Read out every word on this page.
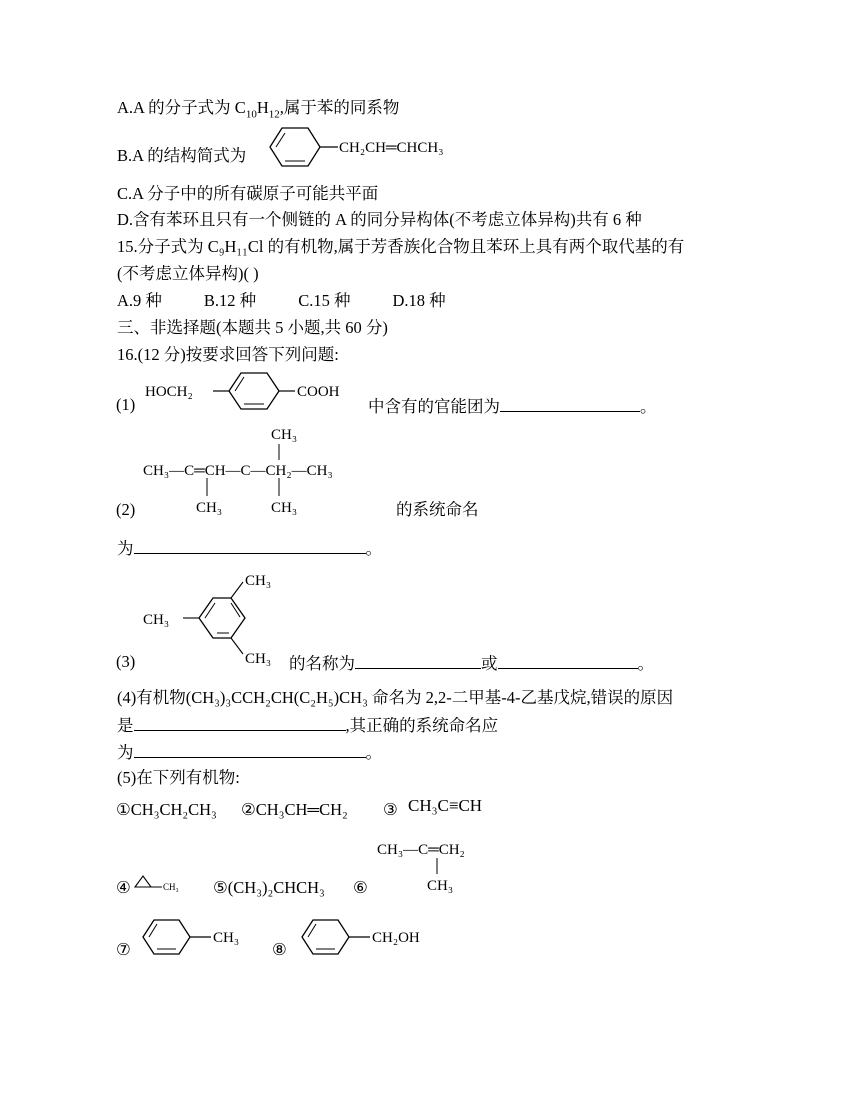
A.A 的分子式为 $C_{10}H_{12}$,属于苯的同系物
B.A 的结构简式为	CH₂CH═CHCH₃
C.A 分子中的所有碳原子可能共平面
D.含有苯环且只有一个侧链的 A 的同分异构体(不考虑立体异构)共有 6 种
15.分子式为 C₉H₁₁Cl 的有机物,属于芳香族化合物且苯环上具有两个取代基的有
(不考虑立体异构)( )
A.9 种	B.12 种	C.15 种	D.18 种
三、非选择题(本题共 5 小题,共 60 分)
16.(12 分)按要求回答下列问题:
(1)
HOCH₂	COOH
中含有的官能团为	。
CH₃
CH₃—C═CH—C—CH₂—CH₃
CH₃	CH₃
(2)	的系统命名
为	。
CH₃
CH₃
CH₃
(3)	的名称为	或	。
(4)有机物(CH₃)₃CCH₂CH(C₂H₅)CH₃ 命名为 2,2-二甲基-4-乙基戊烷,错误的原因
是	,其正确的系统命名应
为	。
(5)在下列有机物:
①CH₃CH₂CH₃ ②CH₃CH═CH₂ ③ CH₃C≡CH
④	CH₃ ⑤(CH₃)₂CHCH₃ ⑥
CH₃—C═CH₂
CH₃
⑦
CH₃
⑧
CH₂OH
